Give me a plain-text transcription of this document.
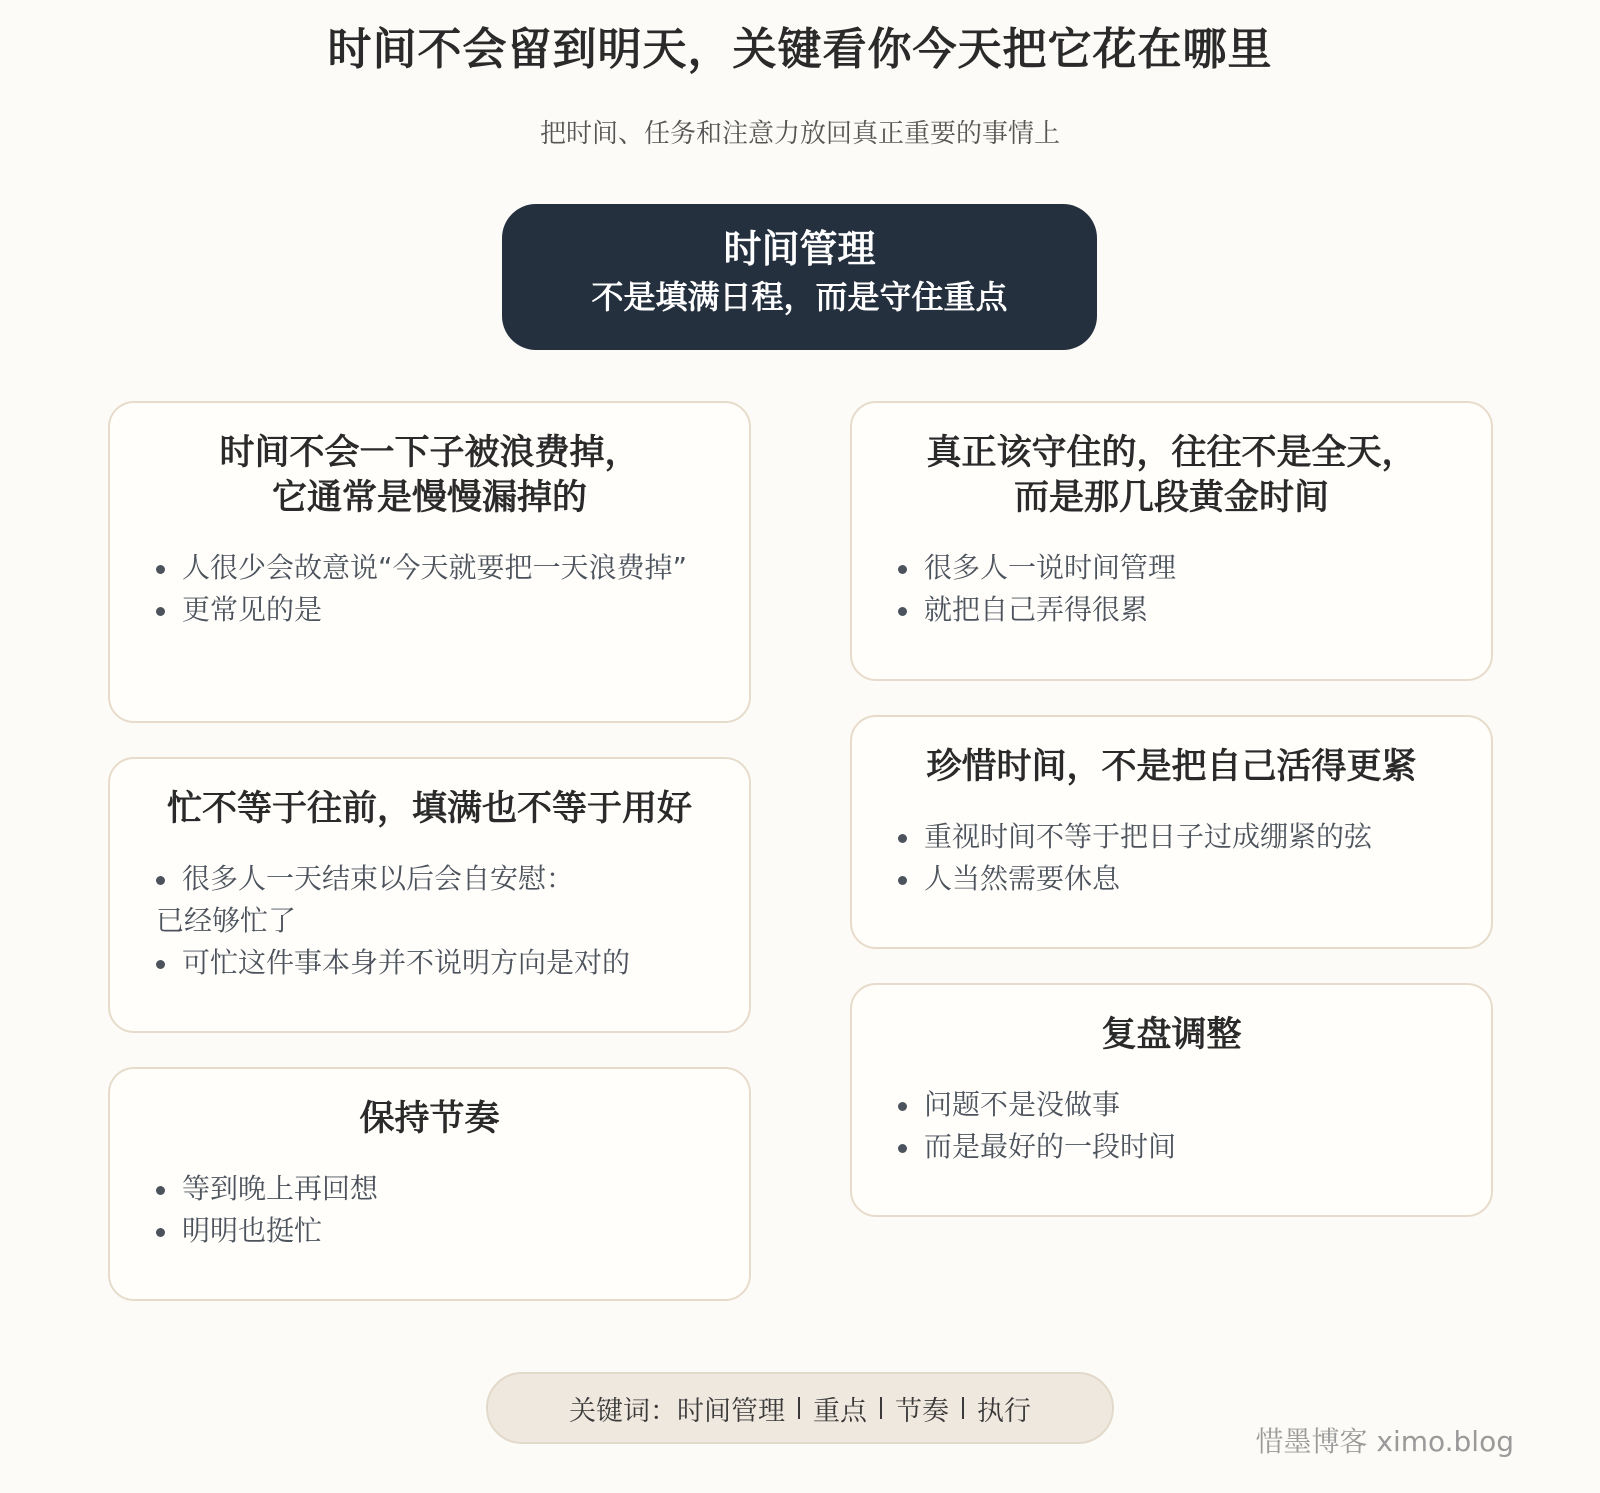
时间不会留到明天，关键看你今天把它花在哪里
把时间、任务和注意力放回真正重要的事情上
时间管理
不是填满日程，而是守住重点
时间不会一下子被浪费掉，
它通常是慢慢漏掉的
人很少会故意说“今天就要把一天浪费掉”
更常见的是
忙不等于往前，填满也不等于用好
很多人一天结束以后会自安慰：已经够忙了
可忙这件事本身并不说明方向是对的
保持节奏
等到晚上再回想
明明也挺忙
真正该守住的，往往不是全天，
而是那几段黄金时间
很多人一说时间管理
就把自己弄得很累
珍惜时间，不是把自己活得更紧
重视时间不等于把日子过成绷紧的弦
人当然需要休息
复盘调整
问题不是没做事
而是最好的一段时间
关键词： 时间管理 重点 节奏 执行
惜墨博客 ximo.blog
